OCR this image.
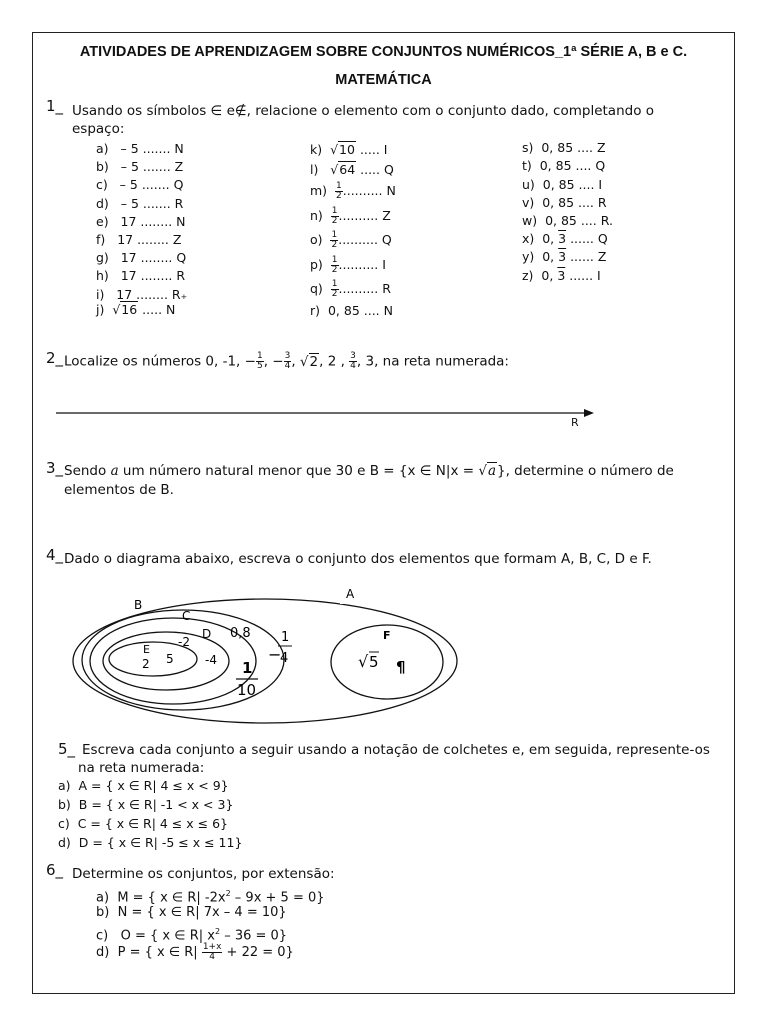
ATIVIDADES DE APRENDIZAGEM SOBRE CONJUNTOS NUMÉRICOS_1ª SÉRIE A, B e C.
MATEMÁTICA
1_ Usando os símbolos ∈ e∉, relacione o elemento com o conjunto dado, completando o
espaço:
a) – 5 ....... N
b) – 5 ....... Z
c) – 5 ....... Q
d) – 5 ....... R
e) 17 ........ N
f) 17 ........ Z
g) 17 ........ Q
h) 17 ........ R
i) 17 ........ R₊
j) √16 ..... N
k) √10 ..... I
l) √64 ..... Q
$m) \frac{1}{2}$ .......... N
$n) \frac{1}{2}$ .......... Z
$o) \frac{1}{2}$ .......... Q
$p) \frac{1}{2}$ .......... I
$q) \frac{1}{2}$ .......... R
r) 0, 85 .... N
s) 0, 85 .... Z
t) 0, 85 .... Q
u) 0, 85 .... I
v) 0, 85 .... R
w) 0, 85 .... R.
x) 0, 3 ...... Q
y) 0, 3 ...... Z
z) 0, 3 ...... I
2_ Localize os números 0, -1, − $\frac{1}{5}$ , − $\frac{3}{4}$ , √2, 2 , $\frac{3}{4}$ , 3, na reta numerada:
R
3_ Sendo a um número natural menor que 30 e B = {x ∈ N|x = √a}, determine o número de
elementos de B.
4_ Dado o diagrama abaixo, escreva o conjunto dos elementos que formam A, B, C, D e F.
A
B
C
D
E
F
2 5
-2
-4
0,8
−
1
4
1
10
√ 5 ¶
5_ Escreva cada conjunto a seguir usando a notação de colchetes e, em seguida, represente-os
na reta numerada:
a) A = { x ∈ R| 4 ≤ x < 9}
b) B = { x ∈ R| -1 < x < 3}
c) C = { x ∈ R| 4 ≤ x ≤ 6}
d) D = { x ∈ R| -5 ≤ x ≤ 11}
6_ Determine os conjuntos, por extensão:
a) M = { x ∈ R| $-2x^2 - 9x + 5 = 0$}
b) N = { x ∈ R| 7x – 4 = 10}
c) O = { x ∈ R| $x^2 - 36 = 0$}
d) P = { x ∈ $R| \frac{1+x}{4} + 22 = 0$}
